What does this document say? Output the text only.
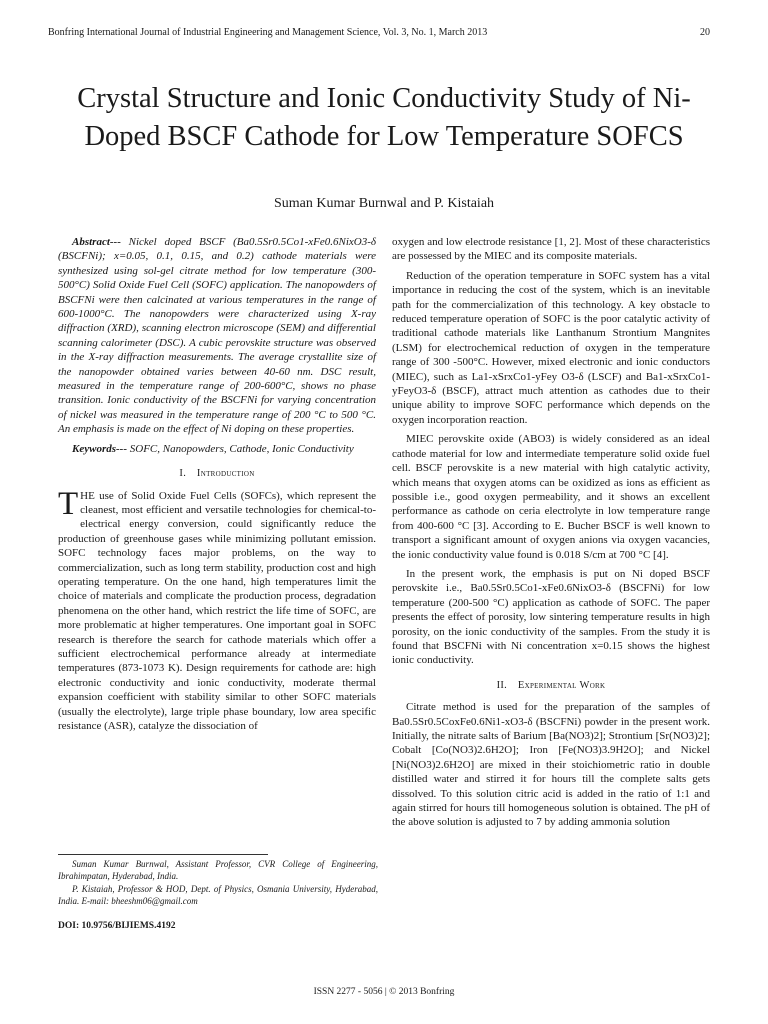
Bonfring International Journal of Industrial Engineering and Management Science, Vol. 3, No. 1, March 2013	20
Crystal Structure and Ionic Conductivity Study of Ni- Doped BSCF Cathode for Low Temperature SOFCS
Suman Kumar Burnwal and P. Kistaiah

Abstract--- Nickel doped BSCF (Ba0.5Sr0.5Co1-xFe0.6NixO3-δ (BSCFNi); x=0.05, 0.1, 0.15, and 0.2) cathode materials were synthesized using sol-gel citrate method for low temperature (300-500°C) Solid Oxide Fuel Cell (SOFC) application. The nanopowders of BSCFNi were then calcinated at various temperatures in the range of 600-1000°C. The nanopowders were characterized using X-ray diffraction (XRD), scanning electron microscope (SEM) and differential scanning calorimeter (DSC). A cubic perovskite structure was observed in the X-ray diffraction measurements. The average crystallite size of the nanopowder obtained varies between 40-60 nm. DSC result, measured in the temperature range of 200-600°C, shows no phase transition. Ionic conductivity of the BSCFNi for varying concentration of nickel was measured in the temperature range of 200 °C to 500 °C. An emphasis is made on the effect of Ni doping on these properties.

Keywords--- SOFC, Nanopowders, Cathode, Ionic Conductivity

I. Introduction

THE use of Solid Oxide Fuel Cells (SOFCs), which represent the cleanest, most efficient and versatile technologies for chemical-to-electrical energy conversion, could significantly reduce the production of greenhouse gases while minimizing pollutant emission. SOFC technology faces major problems, on the way to commercialization, such as long term stability, production cost and high operating temperature. On the one hand, high temperatures limit the choice of materials and complicate the production process, degradation phenomena on the other hand, which restrict the life time of SOFC, are more problematic at higher temperatures. One important goal in SOFC research is therefore the search for cathode materials which offer a sufficient electrochemical performance already at intermediate temperatures (873-1073 K). Design requirements for cathode are: high electronic conductivity and ionic conductivity, moderate thermal expansion coefficient with stability similar to other SOFC materials (usually the electrolyte), large triple phase boundary, low area specific resistance (ASR), catalyze the dissociation of

oxygen and low electrode resistance [1, 2]. Most of these characteristics are possessed by the MIEC and its composite materials.

Reduction of the operation temperature in SOFC system has a vital importance in reducing the cost of the system, which is an inevitable path for the commercialization of this technology. A key obstacle to reduced temperature operation of SOFC is the poor catalytic activity of traditional cathode materials like Lanthanum Strontium Mangnites (LSM) for electrochemical reduction of oxygen in the temperature range of 300 -500°C. However, mixed electronic and ionic conductors (MIEC), such as La1-xSrxCo1-yFey O3-δ (LSCF) and Ba1-xSrxCo1-yFeyO3-δ (BSCF), attract much attention as cathodes due to their unique ability to improve SOFC performance which depends on the oxygen incorporation reaction.

MIEC perovskite oxide (ABO3) is widely considered as an ideal cathode material for low and intermediate temperature solid oxide fuel cell. BSCF perovskite is a new material with high catalytic activity, which means that oxygen atoms can be oxidized as ions as efficient as possible i.e., good oxygen permeability, and it shows an excellent performance as cathode on ceria electrolyte in low temperature range from 400-600 °C [3]. According to E. Bucher BSCF is well known to transport a significant amount of oxygen anions via oxygen vacancies, the ionic conductivity value found is 0.018 S/cm at 700 °C [4].

In the present work, the emphasis is put on Ni doped BSCF perovskite i.e., Ba0.5Sr0.5Co1-xFe0.6NixO3-δ (BSCFNi) for low temperature (200-500 °C) application as cathode of SOFC. The paper presents the effect of porosity, low sintering temperature results in high porosity, on the ionic conductivity of the samples. From the study it is found that BSCFNi with Ni concentration x=0.15 shows the highest ionic conductivity.

II. Experimental Work

Citrate method is used for the preparation of the samples of Ba0.5Sr0.5CoxFe0.6Ni1-xO3-δ (BSCFNi) powder in the present work. Initially, the nitrate salts of Barium [Ba(NO3)2]; Strontium [Sr(NO3)2]; Cobalt [Co(NO3)2.6H2O]; Iron [Fe(NO3)3.9H2O]; and Nickel [Ni(NO3)2.6H2O] are mixed in their stoichiometric ratio in double distilled water and stirred it for hours till the complete salts gets dissolved. To this solution citric acid is added in the ratio of 1:1 and again stirred for hours till homogeneous solution is obtained. The pH of the above solution is adjusted to 7 by adding ammonia solution

Suman Kumar Burnwal, Assistant Professor, CVR College of Engineering, Ibrahimpatan, Hyderabad, India.

P. Kistaiah, Professor & HOD, Dept. of Physics, Osmania University, Hyderabad, India. E-mail: bheeshm06@gmail.com

DOI: 10.9756/BIJIEMS.4192
ISSN 2277 - 5056 | © 2013 Bonfring
